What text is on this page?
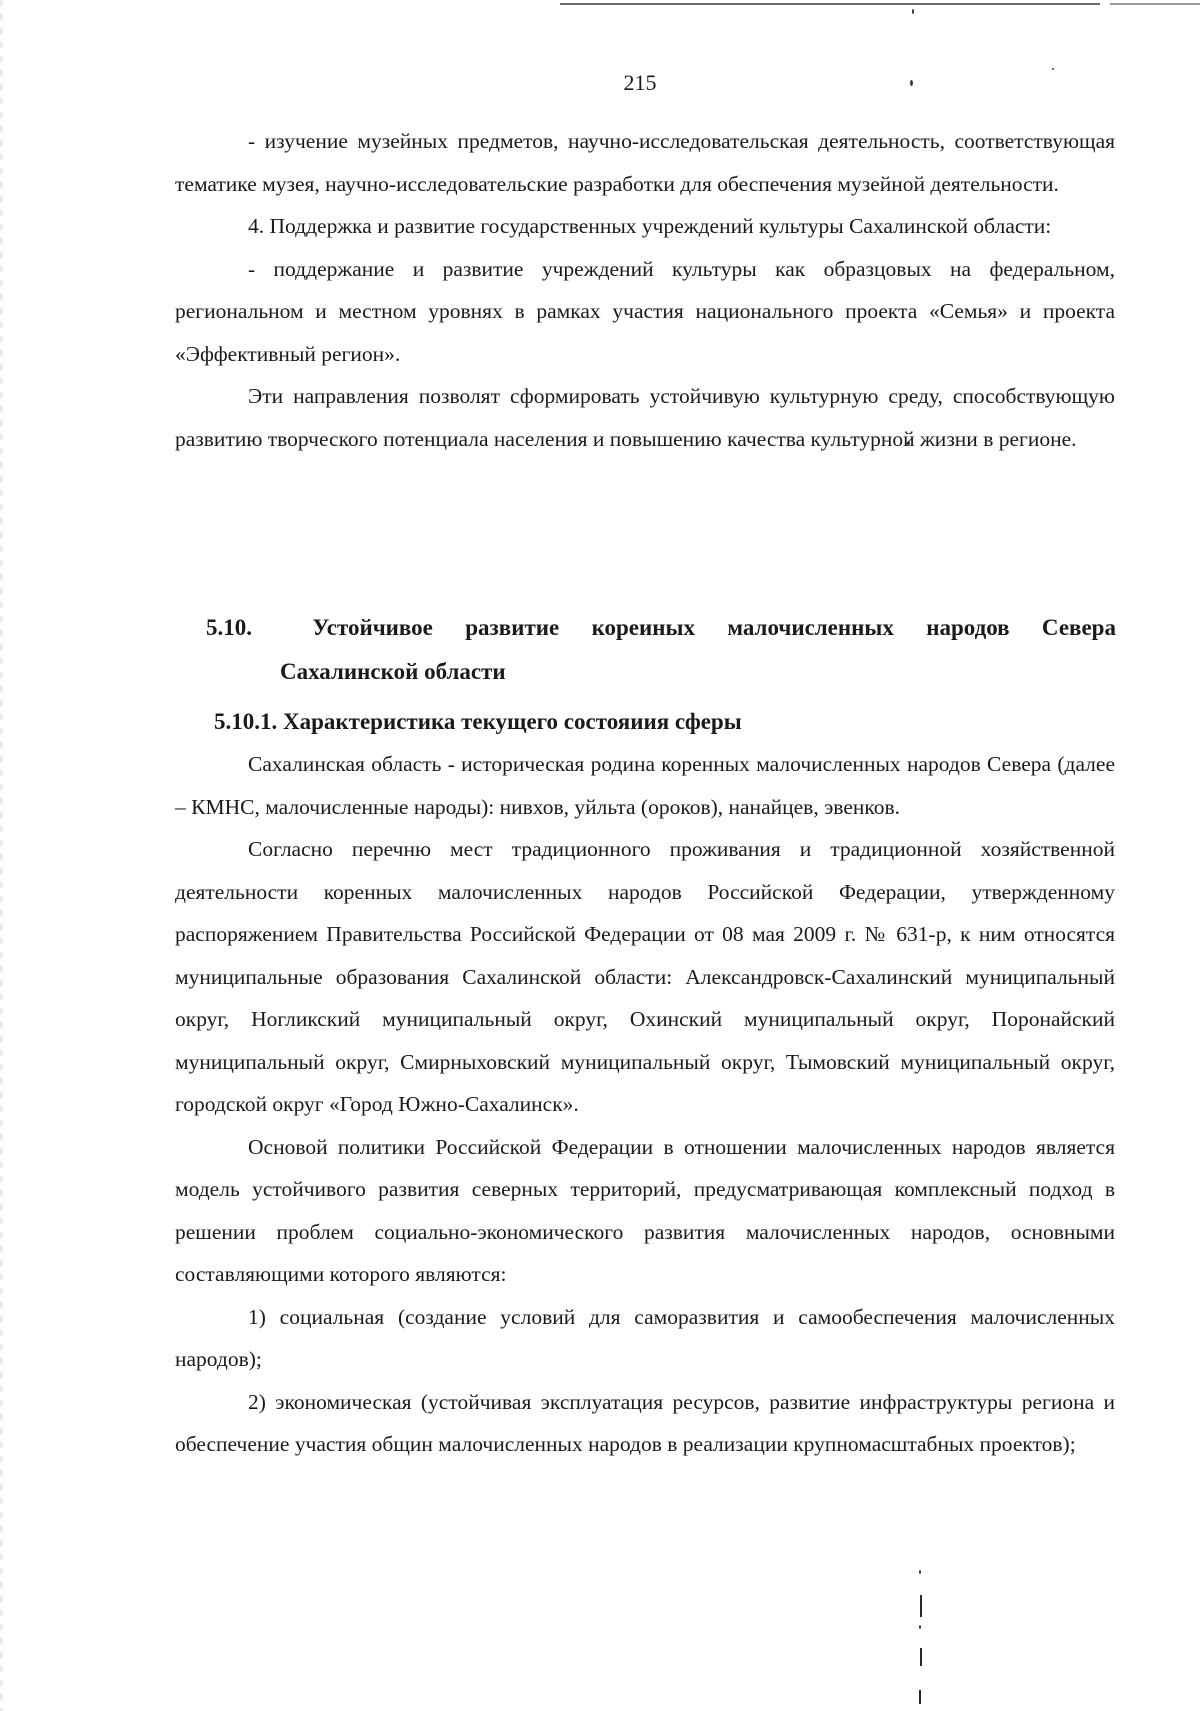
215

- изучение музейных предметов, научно-исследовательская деятельность, соответствующая тематике музея, научно-исследовательские разработки для обеспечения музейной деятельности.

4. Поддержка и развитие государственных учреждений культуры Сахалинской области:

- поддержание и развитие учреждений культуры как образцовых на федеральном, региональном и местном уровнях в рамках участия национального проекта «Семья» и проекта «Эффективный регион».

Эти направления позволят сформировать устойчивую культурную среду, способствующую развитию творческого потенциала населения и повышению качества культурной жизни в регионе.

5.10.	Устойчивое развитие кореиных малочисленных народов Севера
Сахалинской области
5.10.1. Характеристика текущего состояиия сферы

Сахалинская область - историческая родина коренных малочисленных народов Севера (далее – КМНС, малочисленные народы): нивхов, уйльта (ороков), нанайцев, эвенков.

Согласно перечню мест традиционного проживания и традиционной хозяйственной деятельности коренных малочисленных народов Российской Федерации, утвержденному распоряжением Правительства Российской Федерации от 08 мая 2009 г. № 631-р, к ним относятся муниципальные образования Сахалинской области: Александровск-Сахалинский муниципальный округ, Ногликский муниципальный округ, Охинский муниципальный округ, Поронайский муниципальный округ, Смирныховский муниципальный округ, Тымовский муниципальный округ, городской округ «Город Южно-Сахалинск».

Основой политики Российской Федерации в отношении малочисленных народов является модель устойчивого развития северных территорий, предусматривающая комплексный подход в решении проблем социально-экономического развития малочисленных народов, основными составляющими которого являются:

1) социальная (создание условий для саморазвития и самообеспечения малочисленных народов);

2) экономическая (устойчивая эксплуатация ресурсов, развитие инфраструктуры региона и обеспечение участия общин малочисленных народов в реализации крупномасштабных проектов);
